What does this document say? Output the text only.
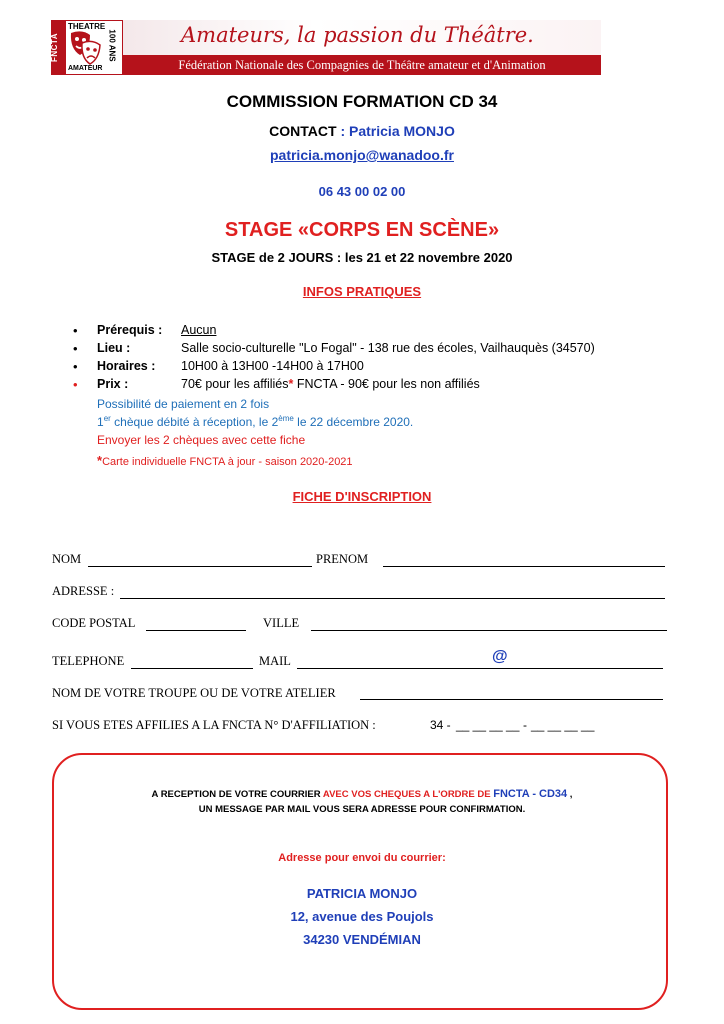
FNCTA
THEATRE
AMATEUR
100 ANS	Amateurs, la passion du Théâtre.
Fédération Nationale des Compagnies de Théâtre amateur et d'Animation
COMMISSION FORMATION CD 34
CONTACT : Patricia MONJO
patricia.monjo@wanadoo.fr
06 43 00 02 00
STAGE «CORPS EN SCÈNE»
STAGE de 2 JOURS : les 21 et 22 novembre 2020
INFOS PRATIQUES
• Prérequis : Aucun
• Lieu :	Salle socio-culturelle "Lo Fogal" - 138 rue des écoles, Vailhauquès (34570)
• Horaires : 10H00 à 13H00 -14H00 à 17H00
• Prix :	70€ pour les affiliés* FNCTA - 90€ pour les non affiliés
Possibilité de paiement en 2 fois
1er chèque débité à réception, le 2ème le 22 décembre 2020.
Envoyer les 2 chèques avec cette fiche
*Carte individuelle FNCTA à jour - saison 2020-2021
FICHE D'INSCRIPTION
NOM	PRENOM
ADRESSE :
CODE POSTAL	VILLE
TELEPHONE	MAIL	@
NOM DE VOTRE TROUPE OU DE VOTRE ATELIER
SI VOUS ETES AFFILIES A LA FNCTA N° D'AFFILIATION :	34 - __ __ __ __ - __ __ __ __
A RECEPTION DE VOTRE COURRIER AVEC VOS CHEQUES A L'ORDRE DE FNCTA - CD34 ,
UN MESSAGE PAR MAIL VOUS SERA ADRESSE POUR CONFIRMATION.
Adresse pour envoi du courrier:
PATRICIA MONJO
12, avenue des Poujols
34230 VENDÉMIAN
